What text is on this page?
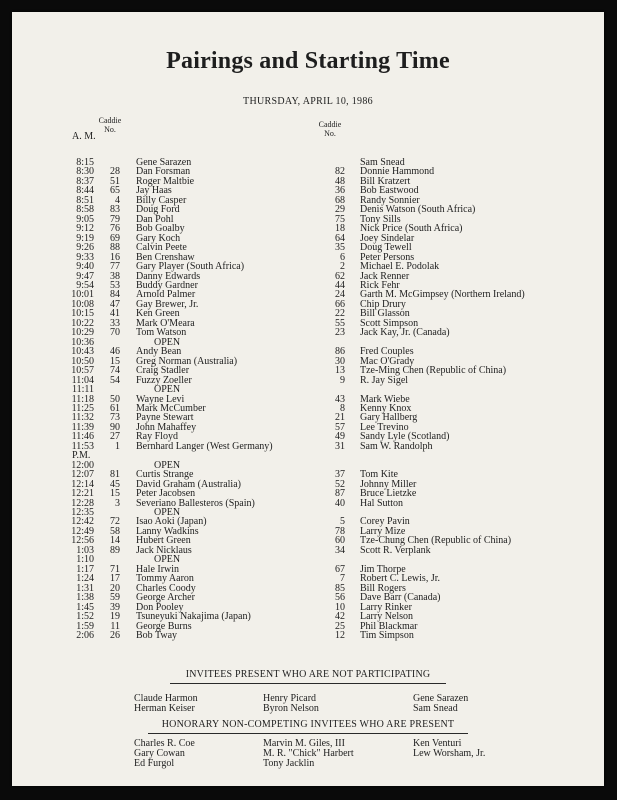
Pairings and Starting Time
THURSDAY, APRIL 10, 1986
A. M.
Caddie No.
Caddie No.
8:15	Gene Sarazen	Sam Snead
8:30	28 Dan Forsman	82 Donnie Hammond
8:37	51 Roger Maltbie	48 Bill Kratzert
8:44	65 Jay Haas	36 Bob Eastwood
8:51	4 Billy Casper	68 Randy Sonnier
8:58	83 Doug Ford	29 Denis Watson (South Africa)
9:05	79 Dan Pohl	75 Tony Sills
9:12	76 Bob Goalby	18 Nick Price (South Africa)
9:19	69 Gary Koch	64 Joey Sindelar
9:26	88 Calvin Peete	35 Doug Tewell
9:33	16 Ben Crenshaw	6 Peter Persons
9:40	77 Gary Player (South Africa)	2 Michael E. Podolak
9:47	38 Danny Edwards	62 Jack Renner
9:54	53 Buddy Gardner	44 Rick Fehr
10:01	84 Arnold Palmer	24 Garth M. McGimpsey (Northern Ireland)
10:08	47 Gay Brewer, Jr.	66 Chip Drury
10:15	41 Ken Green	22 Bill Glasson
10:22	33 Mark O'Meara	55 Scott Simpson
10:29	70 Tom Watson	23 Jack Kay, Jr. (Canada)
10:36	OPEN
10:43	46 Andy Bean	86 Fred Couples
10:50	15 Greg Norman (Australia)	30 Mac O'Grady
10:57	74 Craig Stadler	13 Tze-Ming Chen (Republic of China)
11:04	54 Fuzzy Zoeller	9 R. Jay Sigel
11:11	OPEN
11:18	50 Wayne Levi	43 Mark Wiebe
11:25	61 Mark McCumber	8 Kenny Knox
11:32	73 Payne Stewart	21 Gary Hallberg
11:39	90 John Mahaffey	57 Lee Trevino
11:46	27 Ray Floyd	49 Sandy Lyle (Scotland)
11:53	1 Bernhard Langer (West Germany)	31 Sam W. Randolph
P.M.
12:00	OPEN
12:07	81 Curtis Strange	37 Tom Kite
12:14	45 David Graham (Australia)	52 Johnny Miller
12:21	15 Peter Jacobsen	87 Bruce Lietzke
12:28	3 Severiano Ballesteros (Spain)	40 Hal Sutton
12:35	OPEN
12:42	72 Isao Aoki (Japan)	5 Corey Pavin
12:49	58 Lanny Wadkins	78 Larry Mize
12:56	14 Hubert Green	60 Tze-Chung Chen (Republic of China)
1:03	89 Jack Nicklaus	34 Scott R. Verplank
1:10	OPEN
1:17	71 Hale Irwin	67 Jim Thorpe
1:24	17 Tommy Aaron	7 Robert C. Lewis, Jr.
1:31	20 Charles Coody	85 Bill Rogers
1:38	59 George Archer	56 Dave Barr (Canada)
1:45	39 Don Pooley	10 Larry Rinker
1:52	19 Tsuneyuki Nakajima (Japan)	42 Larry Nelson
1:59	11 George Burns	25 Phil Blackmar
2:06	26 Bob Tway	12 Tim Simpson
INVITEES PRESENT WHO ARE NOT PARTICIPATING
Claude Harmon
Herman Keiser
Henry Picard
Byron Nelson
Gene Sarazen
Sam Snead
HONORARY NON-COMPETING INVITEES WHO ARE PRESENT
Charles R. Coe
Gary Cowan
Ed Furgol
Marvin M. Giles, III
M. R. "Chick" Harbert
Tony Jacklin
Ken Venturi
Lew Worsham, Jr.
